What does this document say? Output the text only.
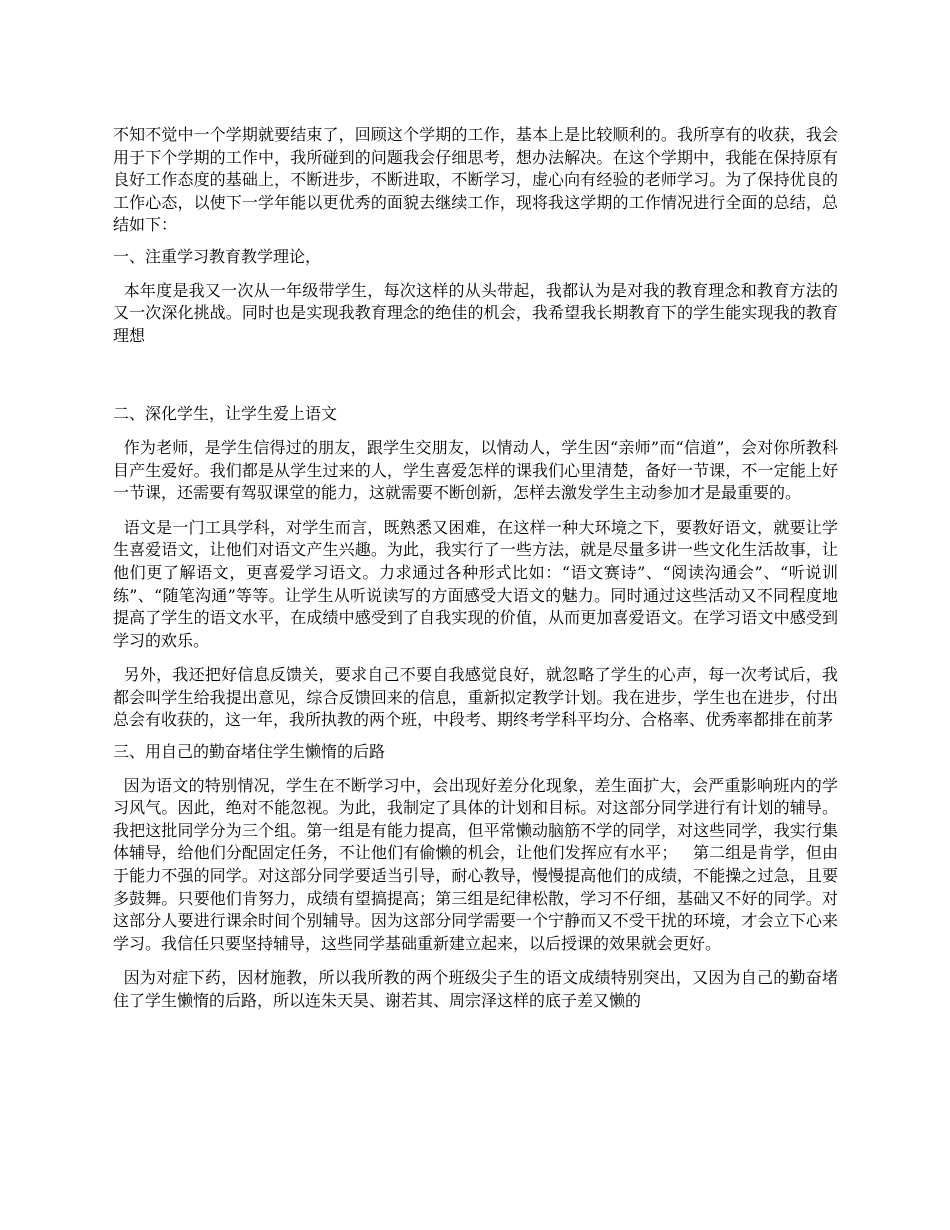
不知不觉中一个学期就要结束了，回顾这个学期的工作，基本上是比较顺利的。我所享有的收获，我会用于下个学期的工作中，我所碰到的问题我会仔细思考，想办法解决。在这个学期中，我能在保持原有良好工作态度的基础上，不断进步，不断进取，不断学习，虚心向有经验的老师学习。为了保持优良的工作心态，以使下一学年能以更优秀的面貌去继续工作，现将我这学期的工作情况进行全面的总结，总结如下：

一、注重学习教育教学理论，

本年度是我又一次从一年级带学生，每次这样的从头带起，我都认为是对我的教育理念和教育方法的又一次深化挑战。同时也是实现我教育理念的绝佳的机会，我希望我长期教育下的学生能实现我的教育理想

二、深化学生，让学生爱上语文

作为老师，是学生信得过的朋友，跟学生交朋友，以情动人，学生因“亲师”而“信道”，会对你所教科目产生爱好。我们都是从学生过来的人，学生喜爱怎样的课我们心里清楚，备好一节课，不一定能上好一节课，还需要有驾驭课堂的能力，这就需要不断创新，怎样去激发学生主动参加才是最重要的。

语文是一门工具学科，对学生而言，既熟悉又困难，在这样一种大环境之下，要教好语文，就要让学生喜爱语文，让他们对语文产生兴趣。为此，我实行了一些方法，就是尽量多讲一些文化生活故事，让他们更了解语文，更喜爱学习语文。力求通过各种形式比如：“语文赛诗”、“阅读沟通会”、“听说训练”、“随笔沟通”等等。让学生从听说读写的方面感受大语文的魅力。同时通过这些活动又不同程度地提高了学生的语文水平，在成绩中感受到了自我实现的价值，从而更加喜爱语文。在学习语文中感受到学习的欢乐。

另外，我还把好信息反馈关，要求自己不要自我感觉良好，就忽略了学生的心声，每一次考试后，我都会叫学生给我提出意见，综合反馈回来的信息，重新拟定教学计划。我在进步，学生也在进步，付出总会有收获的，这一年，我所执教的两个班，中段考、期终考学科平均分、合格率、优秀率都排在前茅

三、用自己的勤奋堵住学生懒惰的后路

因为语文的特别情况，学生在不断学习中，会出现好差分化现象，差生面扩大，会严重影响班内的学习风气。因此，绝对不能忽视。为此，我制定了具体的计划和目标。对这部分同学进行有计划的辅导。我把这批同学分为三个组。第一组是有能力提高，但平常懒动脑筋不学的同学，对这些同学，我实行集体辅导，给他们分配固定任务，不让他们有偷懒的机会，让他们发挥应有水平；   第二组是肯学，但由于能力不强的同学。对这部分同学要适当引导，耐心教导，慢慢提高他们的成绩，不能操之过急，且要多鼓舞。只要他们肯努力，成绩有望搞提高；第三组是纪律松散，学习不仔细，基础又不好的同学。对这部分人要进行课余时间个别辅导。因为这部分同学需要一个宁静而又不受干扰的环境，才会立下心来学习。我信任只要坚持辅导，这些同学基础重新建立起来，以后授课的效果就会更好。

因为对症下药，因材施教，所以我所教的两个班级尖子生的语文成绩特别突出，又因为自己的勤奋堵住了学生懒惰的后路，所以连朱天昊、谢若其、周宗泽这样的底子差又懒的
